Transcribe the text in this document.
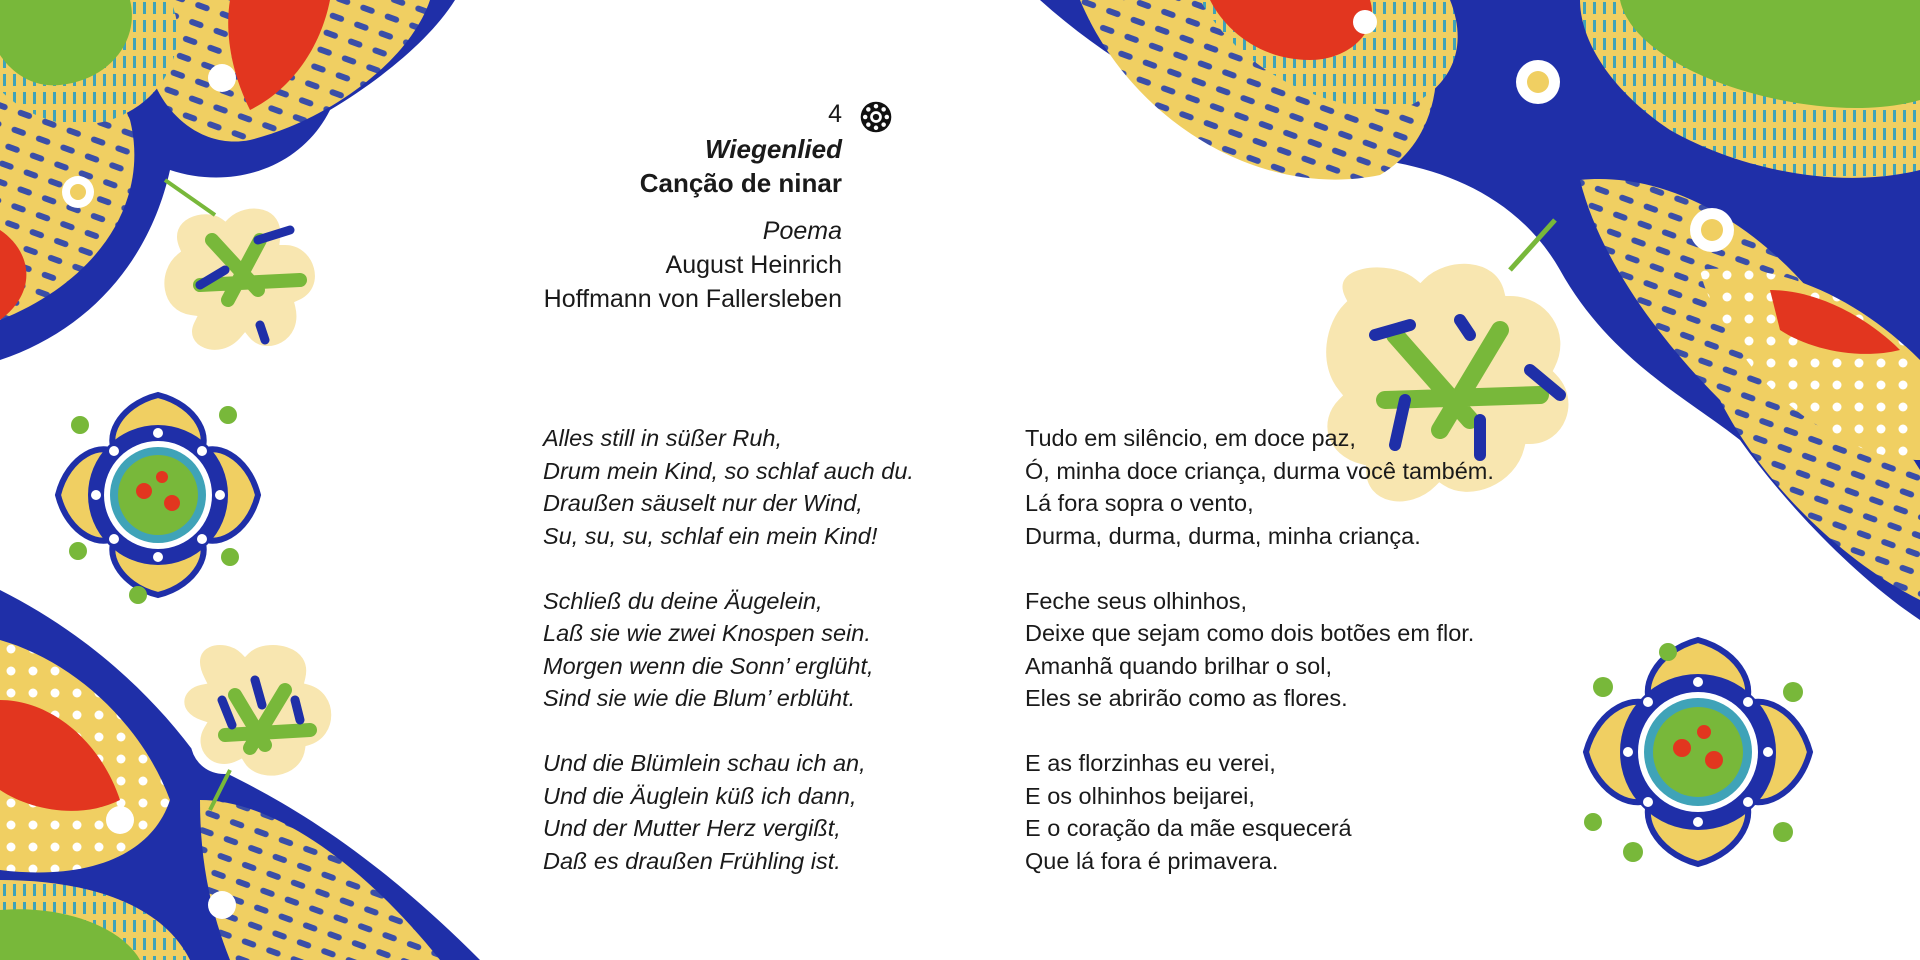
4
Wiegenlied
Canção de ninar
Poema
August Heinrich
Hoffmann von Fallersleben
Alles still in süßer Ruh,
Drum mein Kind, so schlaf auch du.
Draußen säuselt nur der Wind,
Su, su, su, schlaf ein mein Kind!
Schließ du deine Äugelein,
Laß sie wie zwei Knospen sein.
Morgen wenn die Sonn’ erglüht,
Sind sie wie die Blum’ erblüht.
Und die Blümlein schau ich an,
Und die Äuglein küß ich dann,
Und der Mutter Herz vergißt,
Daß es draußen Frühling ist.
Tudo em silêncio, em doce paz,
Ó, minha doce criança, durma você também.
Lá fora sopra o vento,
Durma, durma, durma, minha criança.
Feche seus olhinhos,
Deixe que sejam como dois botões em flor.
Amanhã quando brilhar o sol,
Eles se abrirão como as flores.
E as florzinhas eu verei,
E os olhinhos beijarei,
E o coração da mãe esquecerá
Que lá fora é primavera.
